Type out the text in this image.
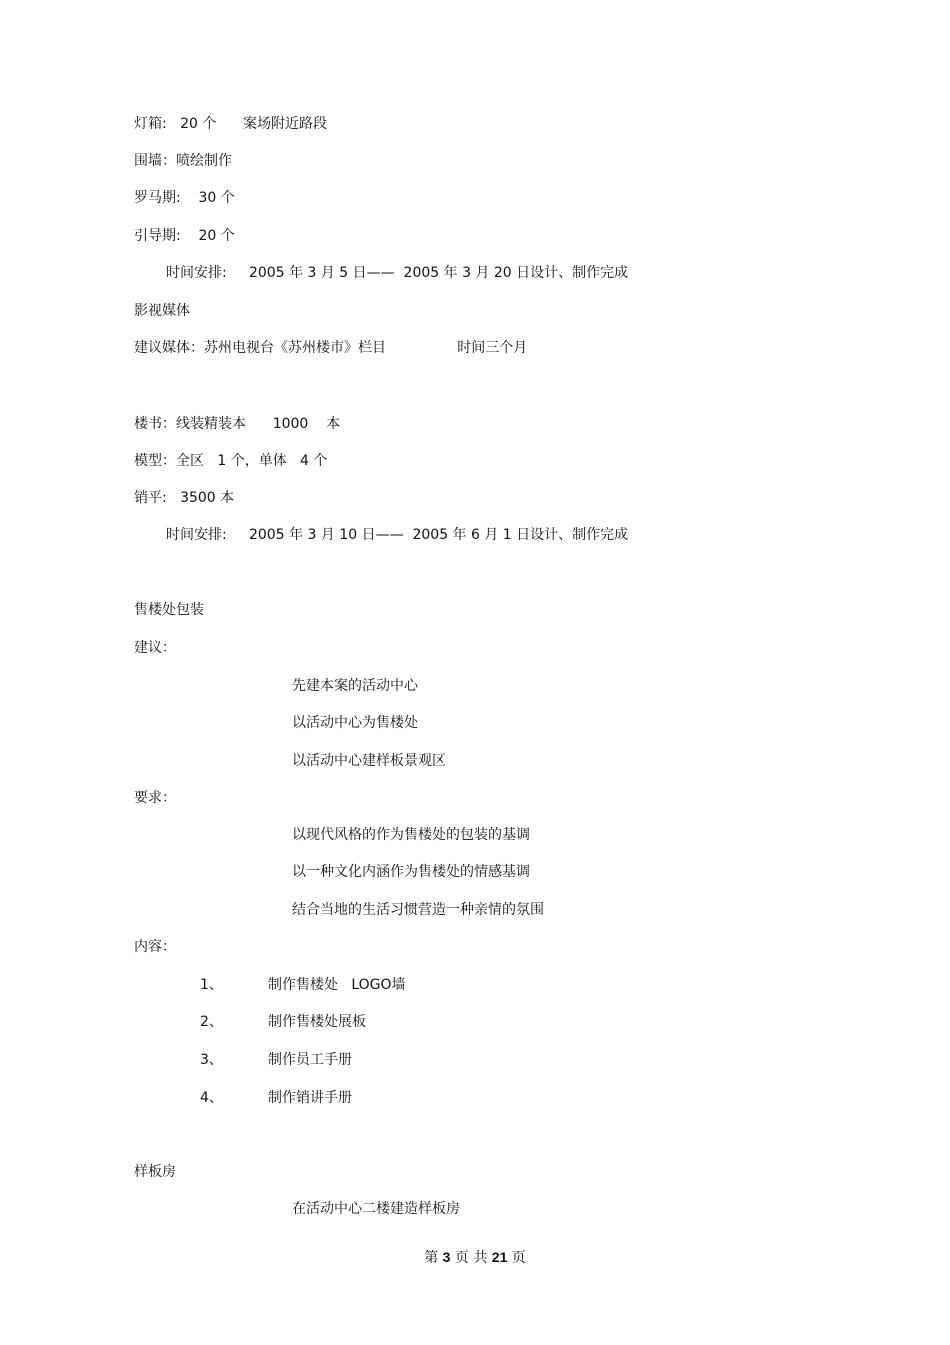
灯箱:   20 个      案场附近路段
围墙：喷绘制作
罗马期:    30 个
引导期:    20 个
时间安排:     2005 年 3 月 5 日——  2005 年 3 月 20 日设计、制作完成
影视媒体
建议媒体：苏州电视台《苏州楼市》栏目                时间三个月
楼书：线装精装本      1000    本
模型：全区   1 个，单体   4 个
销平:   3500 本
时间安排:     2005 年 3 月 10 日——  2005 年 6 月 1 日设计、制作完成
售楼处包装
建议：
先建本案的活动中心
以活动中心为售楼处
以活动中心建样板景观区
要求：
以现代风格的作为售楼处的包装的基调
以一种文化内涵作为售楼处的情感基调
结合当地的生活习惯营造一种亲情的氛围
内容：
1、	制作售楼处   LOGO墙
2、	制作售楼处展板
3、	制作员工手册
4、	制作销讲手册
样板房
在活动中心二楼建造样板房
第 3 页 共 21 页
